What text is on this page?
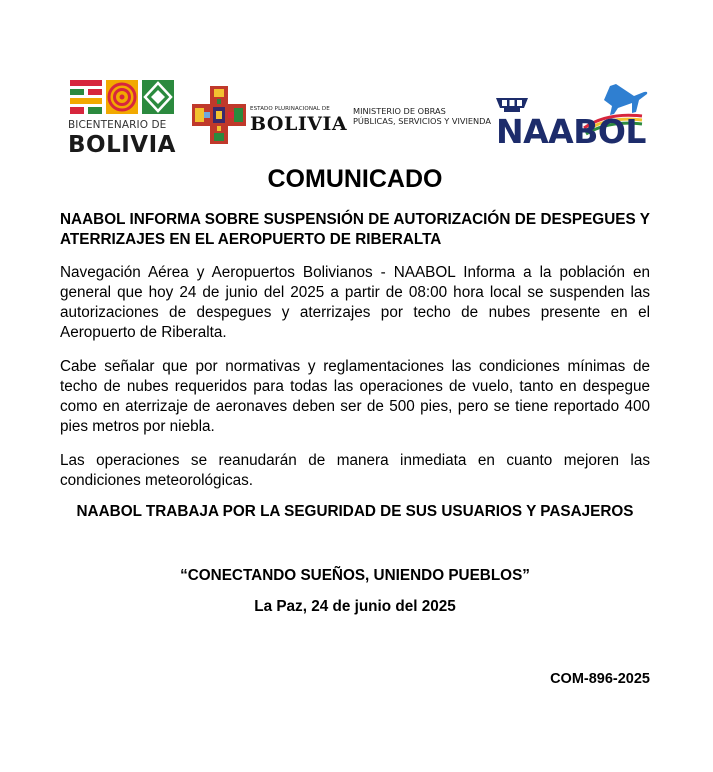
BICENTENARIO DE
BOLIVIA
ESTADO PLURINACIONAL DE
BOLIVIA
MINISTERIO DE OBRAS
PÚBLICAS, SERVICIOS Y VIVIENDA NAABOL
COMUNICADO
NAABOL INFORMA SOBRE SUSPENSIÓN DE AUTORIZACIÓN DE DESPEGUES Y ATERRIZAJES EN EL AEROPUERTO DE RIBERALTA
Navegación Aérea y Aeropuertos Bolivianos - NAABOL Informa a la población en general que hoy 24 de junio del 2025 a partir de 08:00 hora local se suspenden las autorizaciones de despegues y aterrizajes por techo de nubes presente en el Aeropuerto de Riberalta.
Cabe señalar que por normativas y reglamentaciones las condiciones mínimas de techo de nubes requeridos para todas las operaciones de vuelo, tanto en despegue como en aterrizaje de aeronaves deben ser de 500 pies, pero se tiene reportado 400 pies metros por niebla.
Las operaciones se reanudarán de manera inmediata en cuanto mejoren las condiciones meteorológicas.
NAABOL TRABAJA POR LA SEGURIDAD DE SUS USUARIOS Y PASAJEROS
“CONECTANDO SUEÑOS, UNIENDO PUEBLOS”
La Paz, 24 de junio del 2025
COM-896-2025
